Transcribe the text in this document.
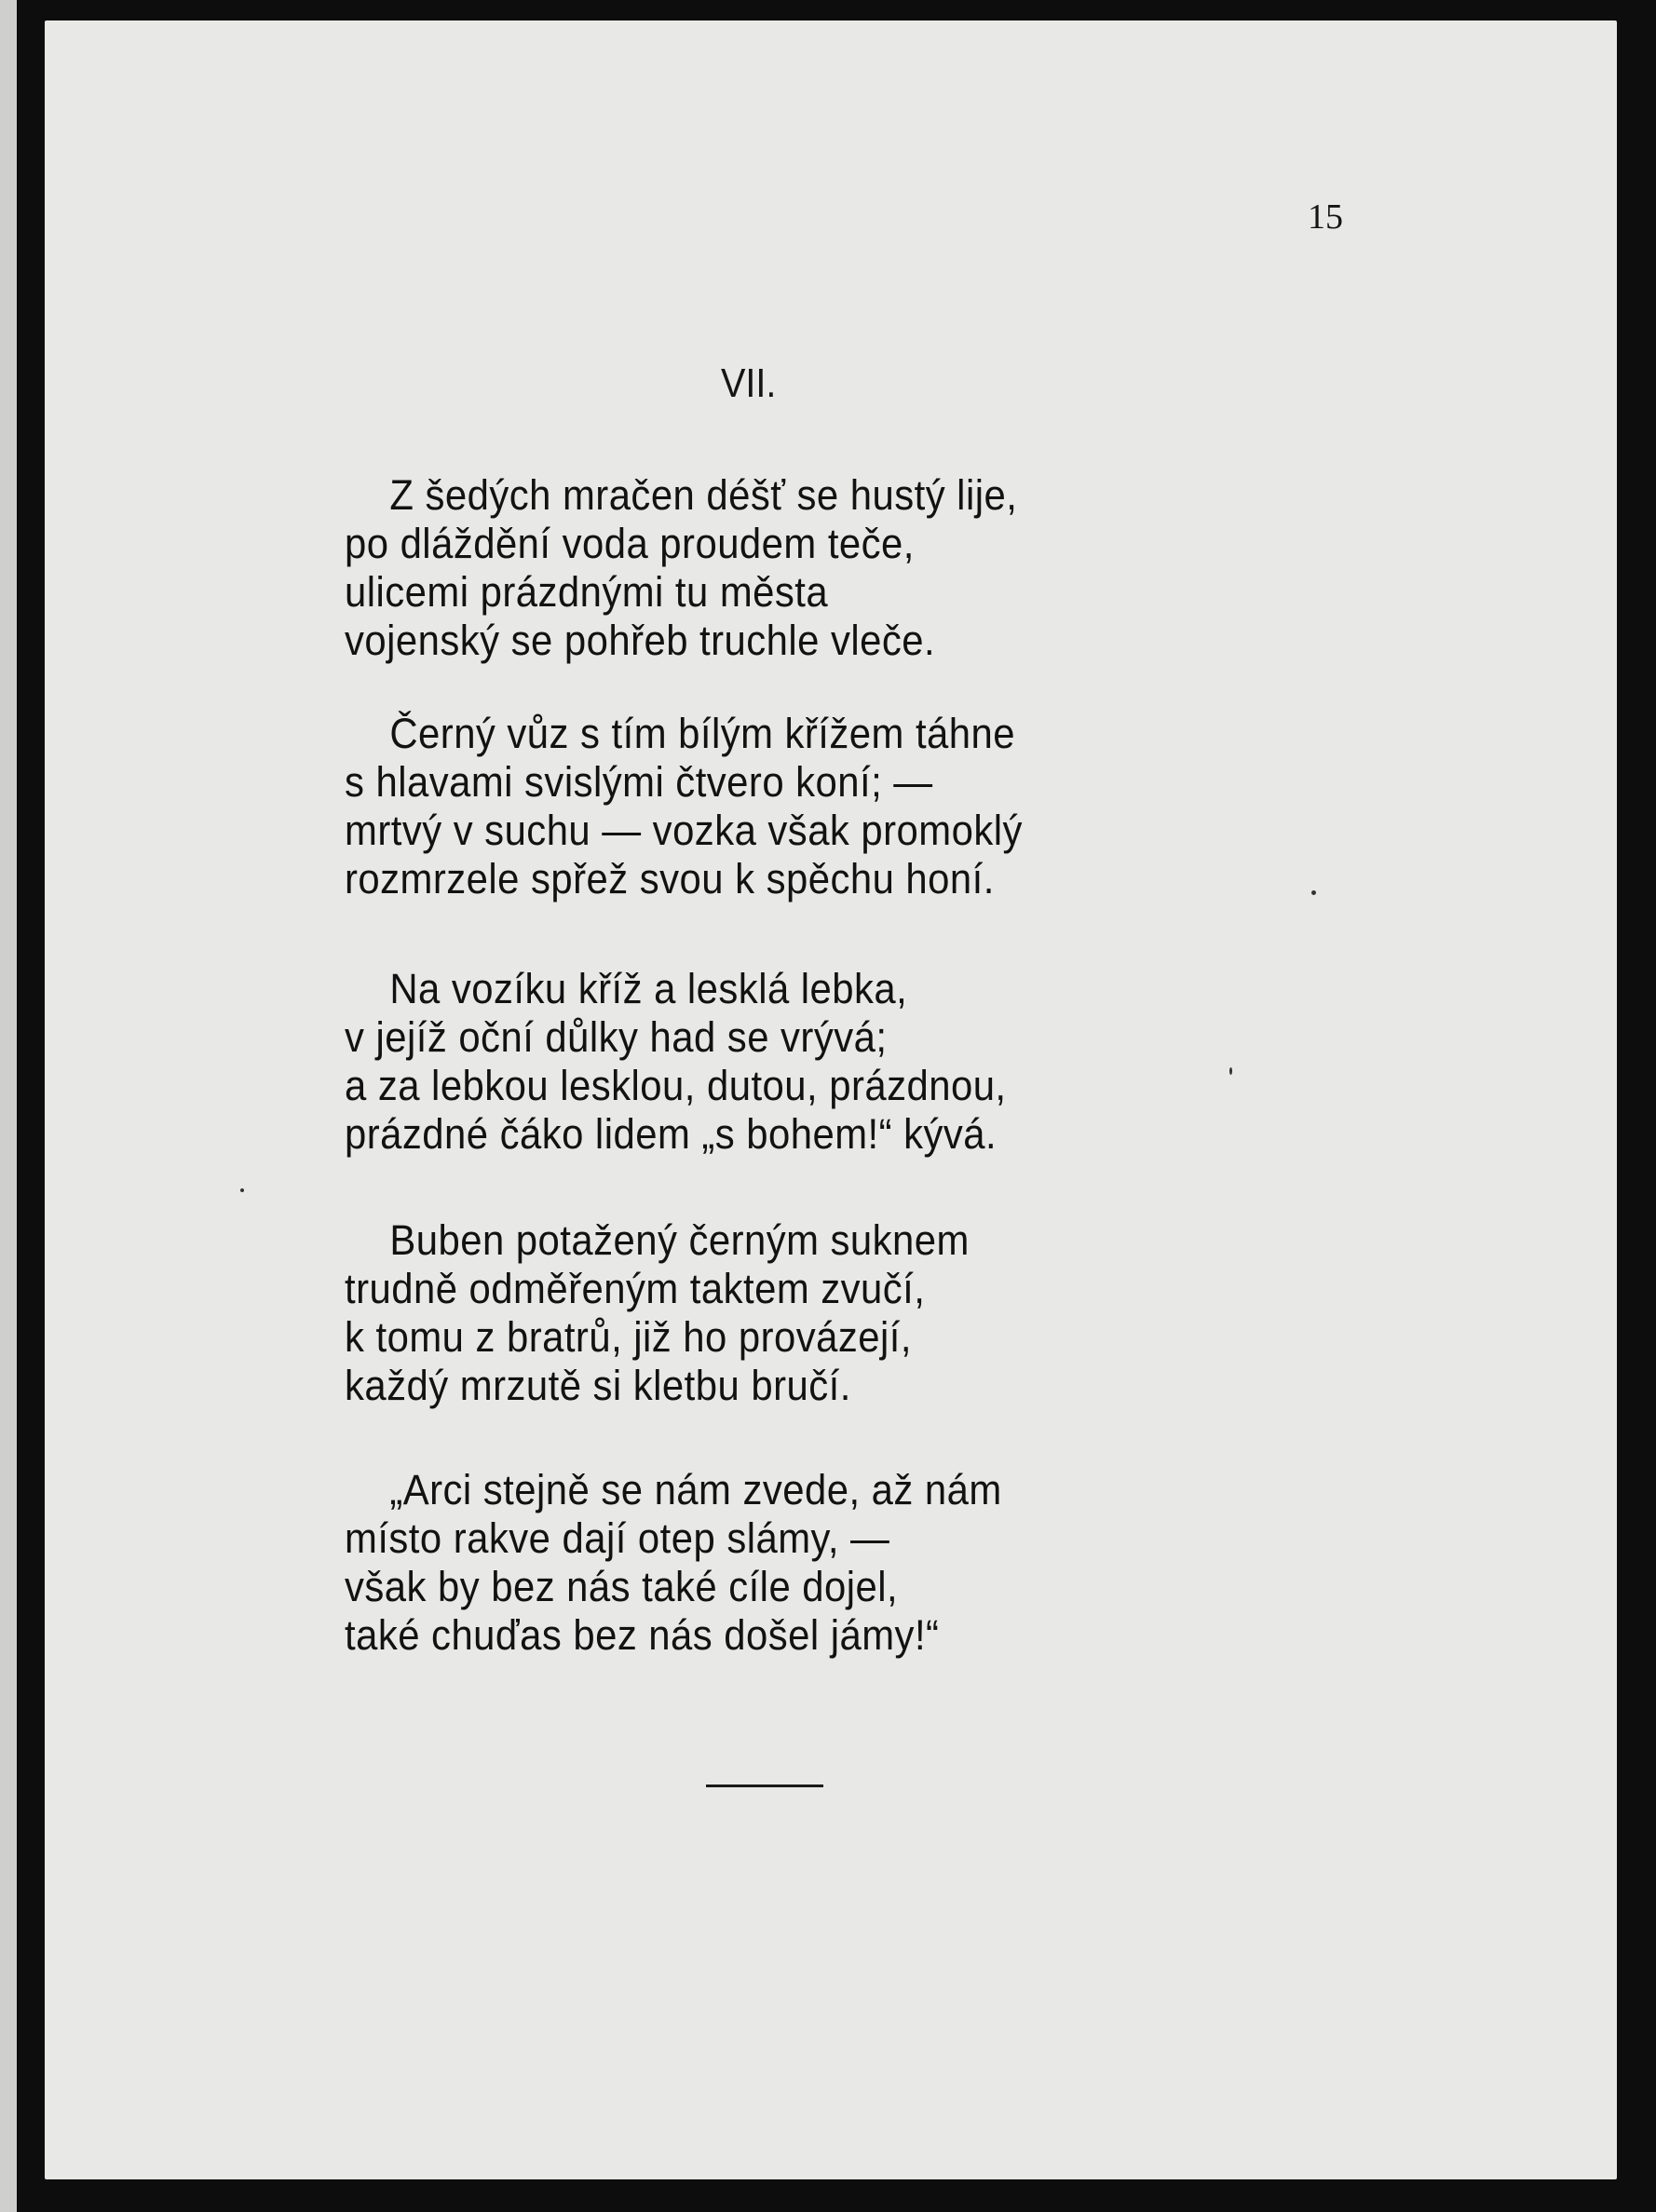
15
VII.
Z šedých mračen déšť se hustý lije,
po dláždění voda proudem teče,
ulicemi prázdnými tu města
vojenský se pohřeb truchle vleče.
Černý vůz s tím bílým křížem táhne
s hlavami svislými čtvero koní; —
mrtvý v suchu — vozka však promoklý
rozmrzele spřež svou k spěchu honí.
Na vozíku kříž a lesklá lebka,
v jejíž oční důlky had se vrývá;
a za lebkou lesklou, dutou, prázdnou,
prázdné čáko lidem „s bohem!“ kývá.
Buben potažený černým suknem
trudně odměřeným taktem zvučí,
k tomu z bratrů, již ho provázejí,
každý mrzutě si kletbu bručí.
„Arci stejně se nám zvede, až nám
místo rakve dají otep slámy, —
však by bez nás také cíle dojel,
také chuďas bez nás došel jámy!“
